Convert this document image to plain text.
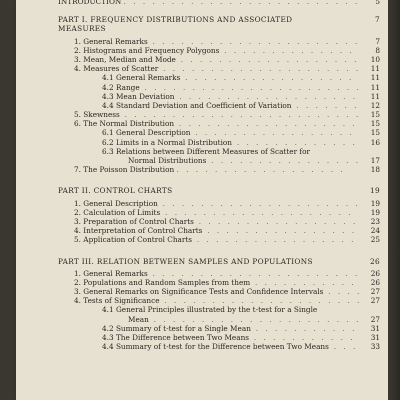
INTRODUCTION . . . . . . . . . . . . . . . . . . . . . . . . . 5
PART I. FREQUENCY DISTRIBUTIONS AND ASSOCIATED	7
MEASURES
1. General Remarks . . . . . . . . . . . . . . . . . . . . . . 7
2. Histograms and Frequency Polygons . . . . . . . . . . . . . .	8
3. Mean, Median and Mode . . . . . . . . . . . . . . . . . . . 10
4. Measures of Scatter . . . . . . . . . . . . . . . . . . . . . 11
4.1 General Remarks . . . . . . . . . . . . . . . . . . 11
4.2 Range . . . . . . . . . . . . . . . . . . . . . . . 11
4.3 Mean Deviation . . . . . . . . . . . . . . . . . . . 11
4.4 Standard Deviation and Coefficient of Variation . . . . . . . 12
5. Skewness . . . . . . . . . . . . . . . . . . . . . . . . . 15
6. The Normal Distribution . . . . . . . . . . . . . . . . . . . 15
6.1 General Description . . . . . . . . . . . . . . . . . 15
6.2 Limits in a Normal Distribution . . . . . . . . . . . . . 16
6.3 Relations between Different Measures of Scatter for
Normal Distributions . . . . . . . . . . . . . . . . 17
7. The Poisson Distribution . . . . . . . . . . . . . . . . . .	18
PART II. CONTROL CHARTS	19
1. General Description . . . . . . . . . . . . . . . . . . . . . 19
2. Calculation of Limits . . . . . . . . . . . . . . . . . . . . 19
3. Preparation of Control Charts . . . . . . . . . . . . . . . . . 23
4. Interpretation of Control Charts . . . . . . . . . . . . . . . . 24
5. Application of Control Charts . . . . . . . . . . . . . . . . . 25
PART III. RELATION BETWEEN SAMPLES AND POPULATIONS	26
1. General Remarks . . . . . . . . . . . . . . . . . . . . . . 26
2. Populations and Random Samples from them . . . . . . . . . . . 26
3. General Remarks on Significance Tests and Confidence Intervals . . . . 27
4. Tests of Significance . . . . . . . . . . . . . . . . . . . . . 27
4.1 General Principles illustrated by the t-test for a Single
Mean . . . . . . . . . . . . . . . . . . . . . . 27
4.2 Summary of t-test for a Single Mean . . . . . . . . . . . 31
4.3 The Difference between Two Means . . . . . . . . . . . 31
4.4 Summary of t-test for the Difference between Two Means . . . 33
